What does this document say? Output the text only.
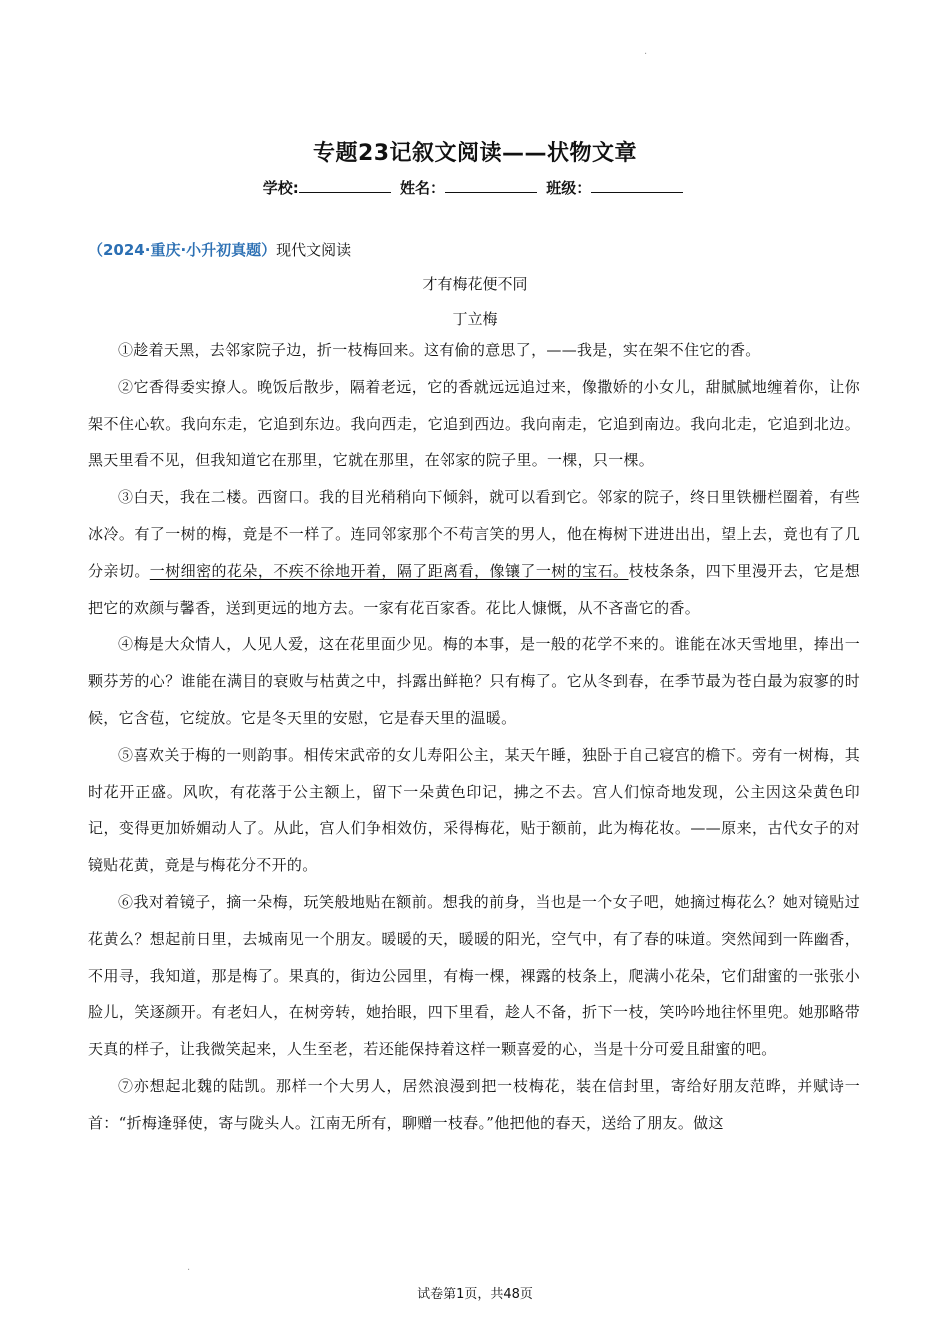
.
.
专题23记叙文阅读——状物文章
学校:	姓名：	班级：
（2024·重庆·小升初真题）现代文阅读
才有梅花便不同
丁立梅

①趁着天黑，去邻家院子边，折一枝梅回来。这有偷的意思了，——我是，实在架不住它的香。

②它香得委实撩人。晚饭后散步，隔着老远，它的香就远远追过来，像撒娇的小女儿，甜腻腻地缠着你，让你架不住心软。我向东走，它追到东边。我向西走，它追到西边。我向南走，它追到南边。我向北走，它追到北边。黑天里看不见，但我知道它在那里，它就在那里，在邻家的院子里。一棵，只一棵。

③白天，我在二楼。西窗口。我的目光稍稍向下倾斜，就可以看到它。邻家的院子，终日里铁栅栏圈着，有些冰冷。有了一树的梅，竟是不一样了。连同邻家那个不苟言笑的男人，他在梅树下进进出出，望上去，竟也有了几分亲切。一树细密的花朵，不疾不徐地开着，隔了距离看，像镶了一树的宝石。枝枝条条，四下里漫开去，它是想把它的欢颜与馨香，送到更远的地方去。一家有花百家香。花比人慷慨，从不吝啬它的香。

④梅是大众情人，人见人爱，这在花里面少见。梅的本事，是一般的花学不来的。谁能在冰天雪地里，捧出一颗芬芳的心？谁能在满目的衰败与枯黄之中，抖露出鲜艳？只有梅了。它从冬到春，在季节最为苍白最为寂寥的时候，它含苞，它绽放。它是冬天里的安慰，它是春天里的温暖。

⑤喜欢关于梅的一则韵事。相传宋武帝的女儿寿阳公主，某天午睡，独卧于自己寝宫的檐下。旁有一树梅，其时花开正盛。风吹，有花落于公主额上，留下一朵黄色印记，拂之不去。宫人们惊奇地发现，公主因这朵黄色印记，变得更加娇媚动人了。从此，宫人们争相效仿，采得梅花，贴于额前，此为梅花妆。——原来，古代女子的对镜贴花黄，竟是与梅花分不开的。

⑥我对着镜子，摘一朵梅，玩笑般地贴在额前。想我的前身，当也是一个女子吧，她摘过梅花么？她对镜贴过花黄么？想起前日里，去城南见一个朋友。暖暖的天，暖暖的阳光，空气中，有了春的味道。突然闻到一阵幽香，不用寻，我知道，那是梅了。果真的，街边公园里，有梅一棵，裸露的枝条上，爬满小花朵，它们甜蜜的一张张小脸儿，笑逐颜开。有老妇人，在树旁转，她抬眼，四下里看，趁人不备，折下一枝，笑吟吟地往怀里兜。她那略带天真的样子，让我微笑起来，人生至老，若还能保持着这样一颗喜爱的心，当是十分可爱且甜蜜的吧。

⑦亦想起北魏的陆凯。那样一个大男人，居然浪漫到把一枝梅花，装在信封里，寄给好朋友范晔，并赋诗一首：“折梅逢驿使，寄与陇头人。江南无所有，聊赠一枝春。”他把他的春天，送给了朋友。做这

试卷第1页，共48页
